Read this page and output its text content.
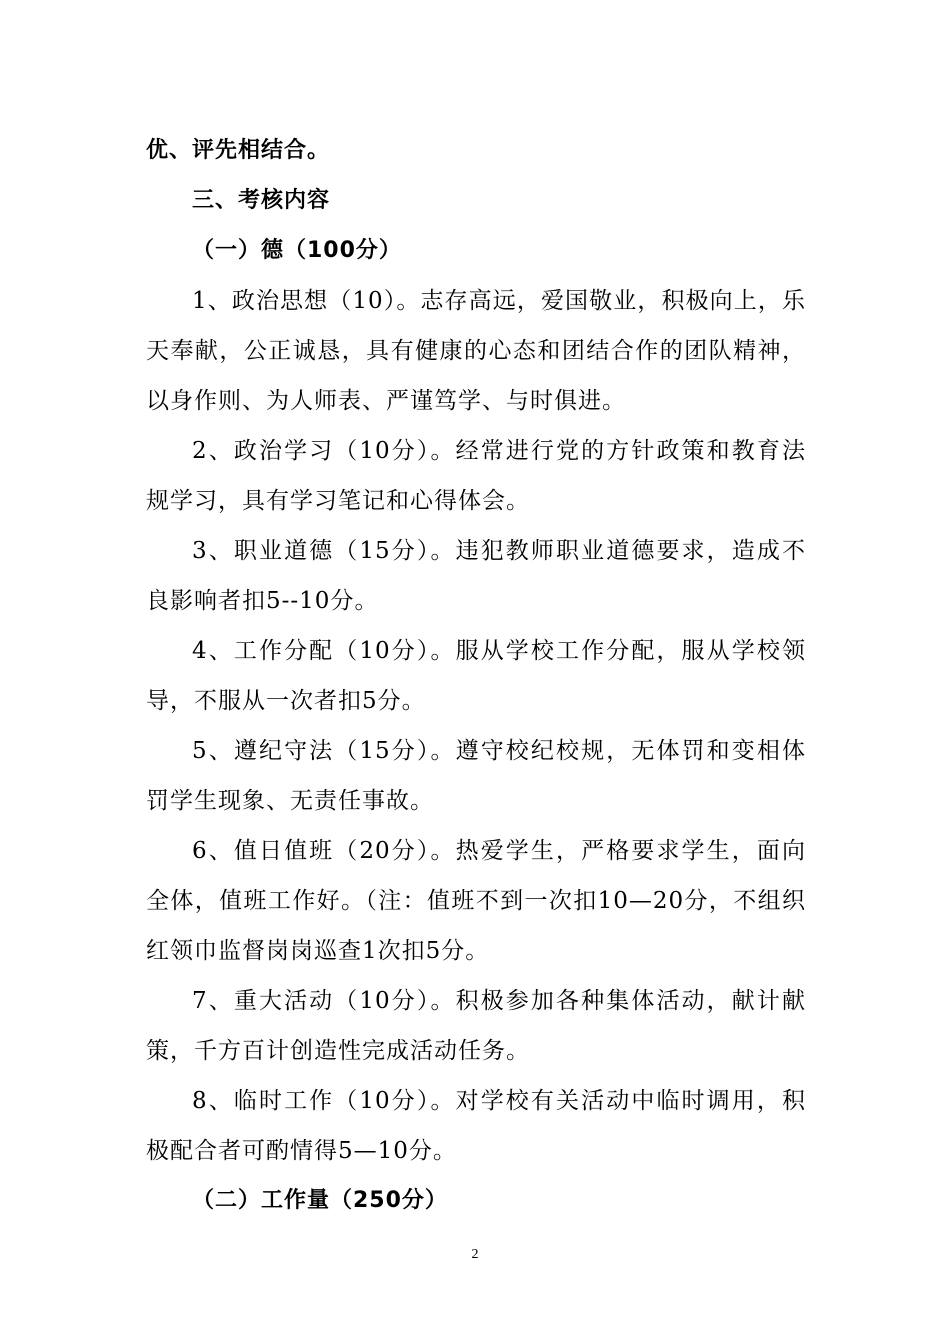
优、评先相结合。
三、考核内容
（一）德（100分）
1、政治思想（10）。志存高远，爱国敬业，积极向上，乐
天奉献，公正诚恳，具有健康的心态和团结合作的团队精神，
以身作则、为人师表、严谨笃学、与时俱进。
2、政治学习（10分）。经常进行党的方针政策和教育法
规学习，具有学习笔记和心得体会。
3、职业道德（15分）。违犯教师职业道德要求，造成不
良影响者扣5--10分。
4、工作分配（10分）。服从学校工作分配，服从学校领
导，不服从一次者扣5分。
5、遵纪守法（15分）。遵守校纪校规，无体罚和变相体
罚学生现象、无责任事故。
6、值日值班（20分）。热爱学生，严格要求学生，面向
全体，值班工作好。（注：值班不到一次扣10—20分，不组织
红领巾监督岗岗巡查1次扣5分。
7、重大活动（10分）。积极参加各种集体活动，献计献
策，千方百计创造性完成活动任务。
8、临时工作（10分）。对学校有关活动中临时调用，积
极配合者可酌情得5—10分。
（二）工作量（250分）
2
